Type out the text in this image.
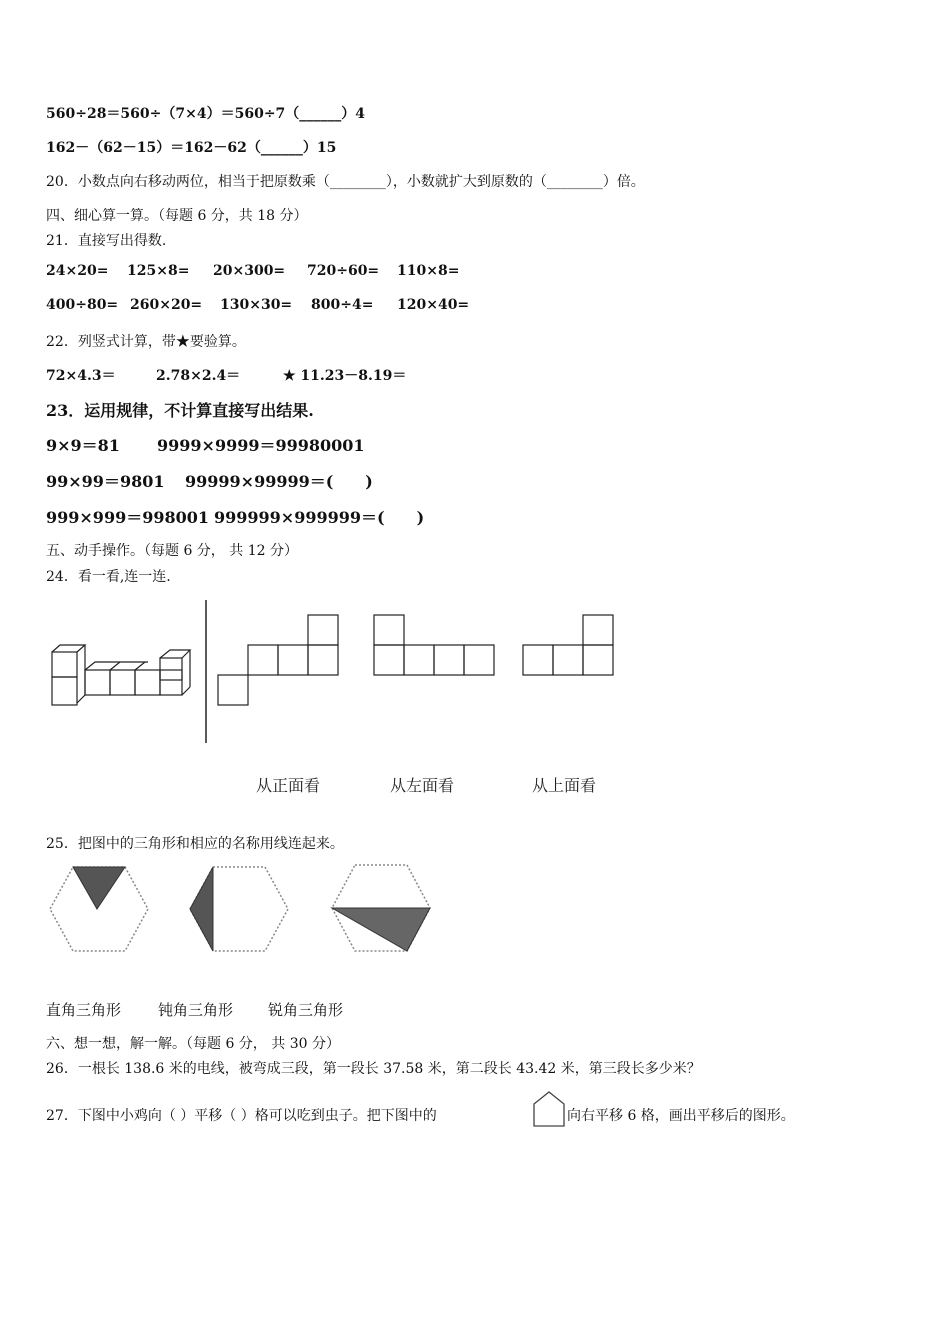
560÷28＝560÷（7×4）＝560÷7（______）4
162－（62－15）＝162－62（______）15
20．小数点向右移动两位，相当于把原数乘（________），小数就扩大到原数的（________）倍。
四、细心算一算。（每题 6 分，共 18 分）
21．直接写出得数.
24×20= 125×8= 20×300= 720÷60= 110×8=
400÷80= 260×20= 130×30= 800÷4= 120×40=
22．列竖式计算，带★要验算。
72×4.3＝	2.78×2.4＝	★ 11.23－8.19＝
23．运用规律，不计算直接写出结果.
9×9＝81 9999×9999＝99980001
99×99＝9801 99999×99999＝(　　)
999×999＝998001 999999×999999＝(　　)
五、动手操作。（每题 6 分， 共 12 分）
24．看一看,连一连.
从正面看	从左面看	从上面看
25．把图中的三角形和相应的名称用线连起来。
直角三角形 钝角三角形 锐角三角形
六、想一想，解一解。（每题 6 分， 共 30 分）
26．一根长 138.6 米的电线，被弯成三段，第一段长 37.58 米，第二段长 43.42 米，第三段长多少米？
27．下图中小鸡向（ ）平移（ ）格可以吃到虫子。把下图中的	向右平移 6 格，画出平移后的图形。
